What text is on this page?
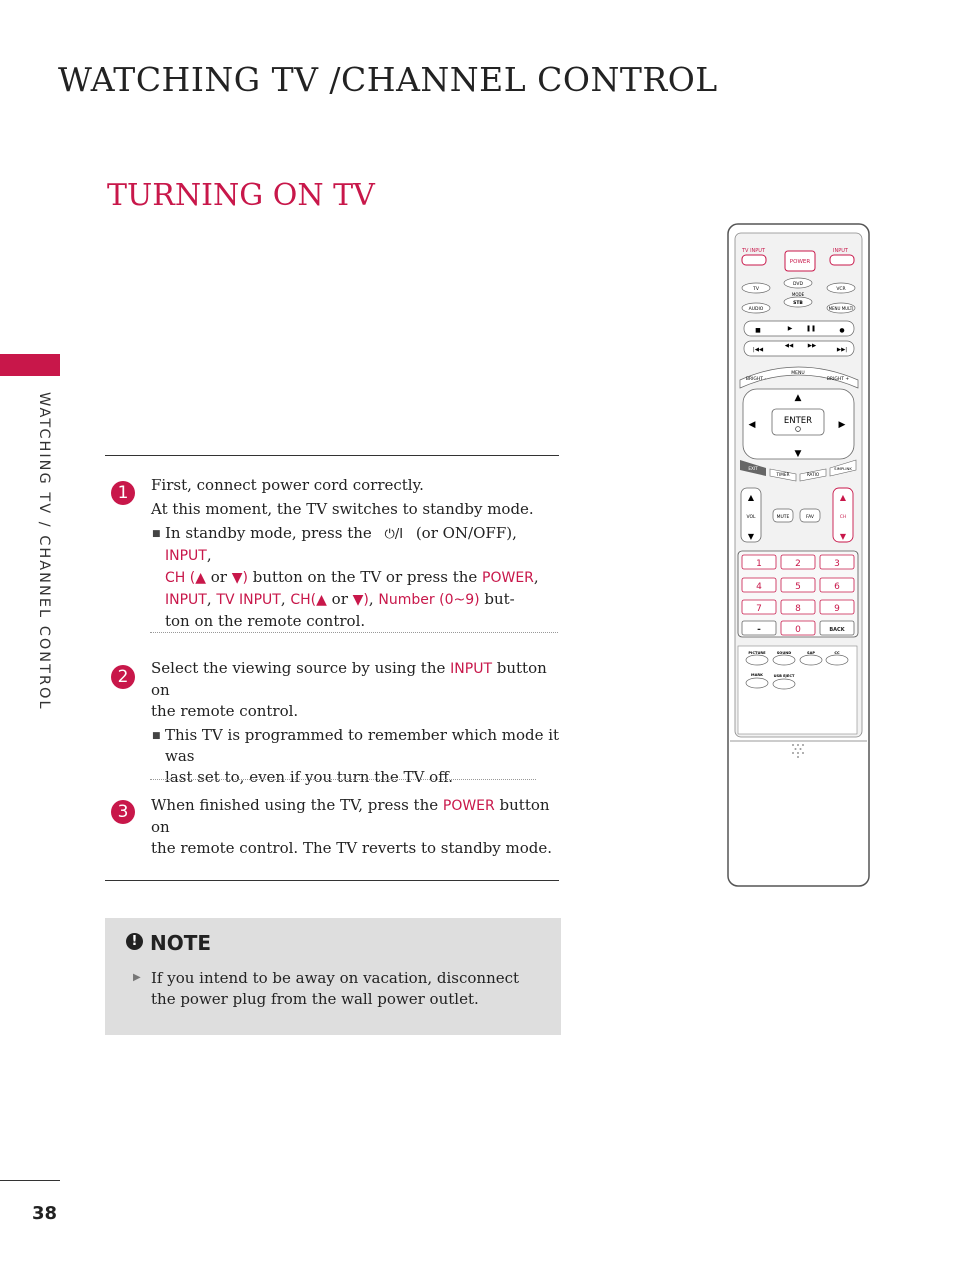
WATCHING TV /CHANNEL CONTROL
TURNING ON TV
WATCHING TV / CHANNEL CONTROL	1	First, connect power cord correctly.
At this moment, the TV switches to standby mode.
■ In standby mode, press the ⏻/I (or ON/OFF), INPUT,
CH (▲ or ▼) button on the TV or press the POWER,
INPUT, TV INPUT, CH(▲ or ▼), Number (0~9) but-
ton on the remote control.
2	Select the viewing source by using the INPUT button on
the remote control.
■ This TV is programmed to remember which mode it was
last set to, even if you turn the TV off.
3	When finished using the TV, press the POWER button on
the remote control. The TV reverts to standby mode.
! NOTE
▶ If you intend to be away on vacation, disconnect
the power plug from the wall power outlet.
TV INPUT
POWER
INPUT
TV
DVD
MODE
VCR
STB
AUDIO	MENU MULTI
■	▶ ❚❚	●
|◀◀
◀◀	▶▶
▶▶|
BRIGHT -
MENU
BRIGHT +
▲
▼
◀	▶
ENTER
EXIT
TIMER	RATIO
SIMPLINK
▲
VOL
▼
MUTE	FAV
▲
CH
▼
1	2	3
4	5	6
7	8	9
-	0	BACK
PICTURE	SOUND	SAP	CC
MARK	USB EJECT
38
